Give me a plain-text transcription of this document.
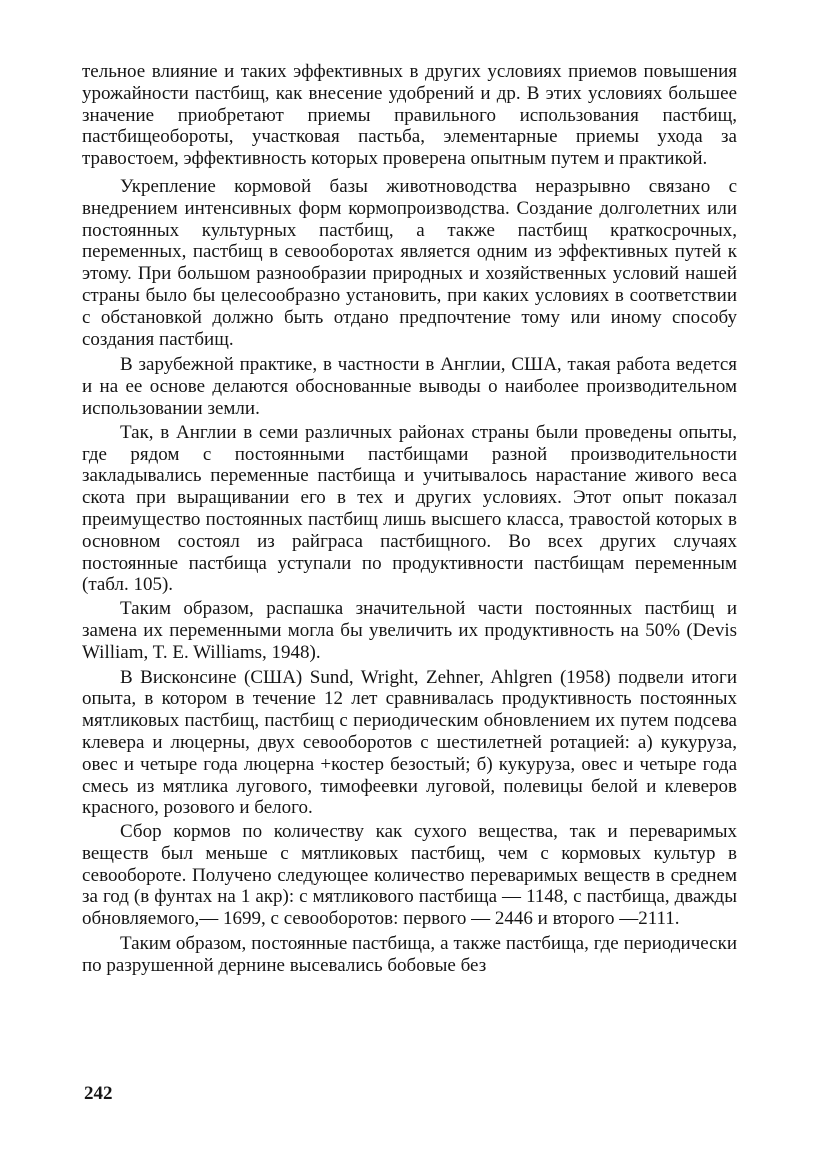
тельное влияние и таких эффективных в других условиях приемов повышения урожайности пастбищ, как внесение удобрений и др. В этих условиях большее значение приобретают приемы правильного использования пастбищ, пастбищеобороты, участковая пастьба, элементарные приемы ухода за травостоем, эффективность которых проверена опытным путем и практикой.

Укрепление кормовой базы животноводства неразрывно связано с внедрением интенсивных форм кормопроизводства. Создание долголетних или постоянных культурных пастбищ, а также пастбищ краткосрочных, переменных, пастбищ в севооборотах является одним из эффективных путей к этому. При большом разнообразии природных и хозяйственных условий нашей страны было бы целесообразно установить, при каких условиях в соответствии с обстановкой должно быть отдано предпочтение тому или иному способу создания пастбищ.

В зарубежной практике, в частности в Англии, США, такая работа ведется и на ее основе делаются обоснованные выводы о наиболее производительном использовании земли.

Так, в Англии в семи различных районах страны были проведены опыты, где рядом с постоянными пастбищами разной производительности закладывались переменные пастбища и учитывалось нарастание живого веса скота при выращивании его в тех и других условиях. Этот опыт показал преимущество постоянных пастбищ лишь высшего класса, травостой которых в основном состоял из райграса пастбищного. Во всех других случаях постоянные пастбища уступали по продуктивности пастбищам переменным (табл. 105).

Таким образом, распашка значительной части постоянных пастбищ и замена их переменными могла бы увеличить их продуктивность на 50% (Devis William, T. E. Williams, 1948).

В Висконсине (США) Sund, Wright, Zehner, Ahlgren (1958) подвели итоги опыта, в котором в течение 12 лет сравнивалась продуктивность постоянных мятликовых пастбищ, пастбищ с периодическим обновлением их путем подсева клевера и люцерны, двух севооборотов с шестилетней ротацией: а) кукуруза, овес и четыре года люцерна +костер безостый; б) кукуруза, овес и четыре года смесь из мятлика лугового, тимофеевки луговой, полевицы белой и клеверов красного, розового и белого.

Сбор кормов по количеству как сухого вещества, так и переваримых веществ был меньше с мятликовых пастбищ, чем с кормовых культур в севообороте. Получено следующее количество переваримых веществ в среднем за год (в фунтах на 1 акр): с мятликового пастбища — 1148, с пастбища, дважды обновляемого,— 1699, с севооборотов: первого — 2446 и второго —2111.

Таким образом, постоянные пастбища, а также пастбища, где периодически по разрушенной дернине высевались бобовые без

242
